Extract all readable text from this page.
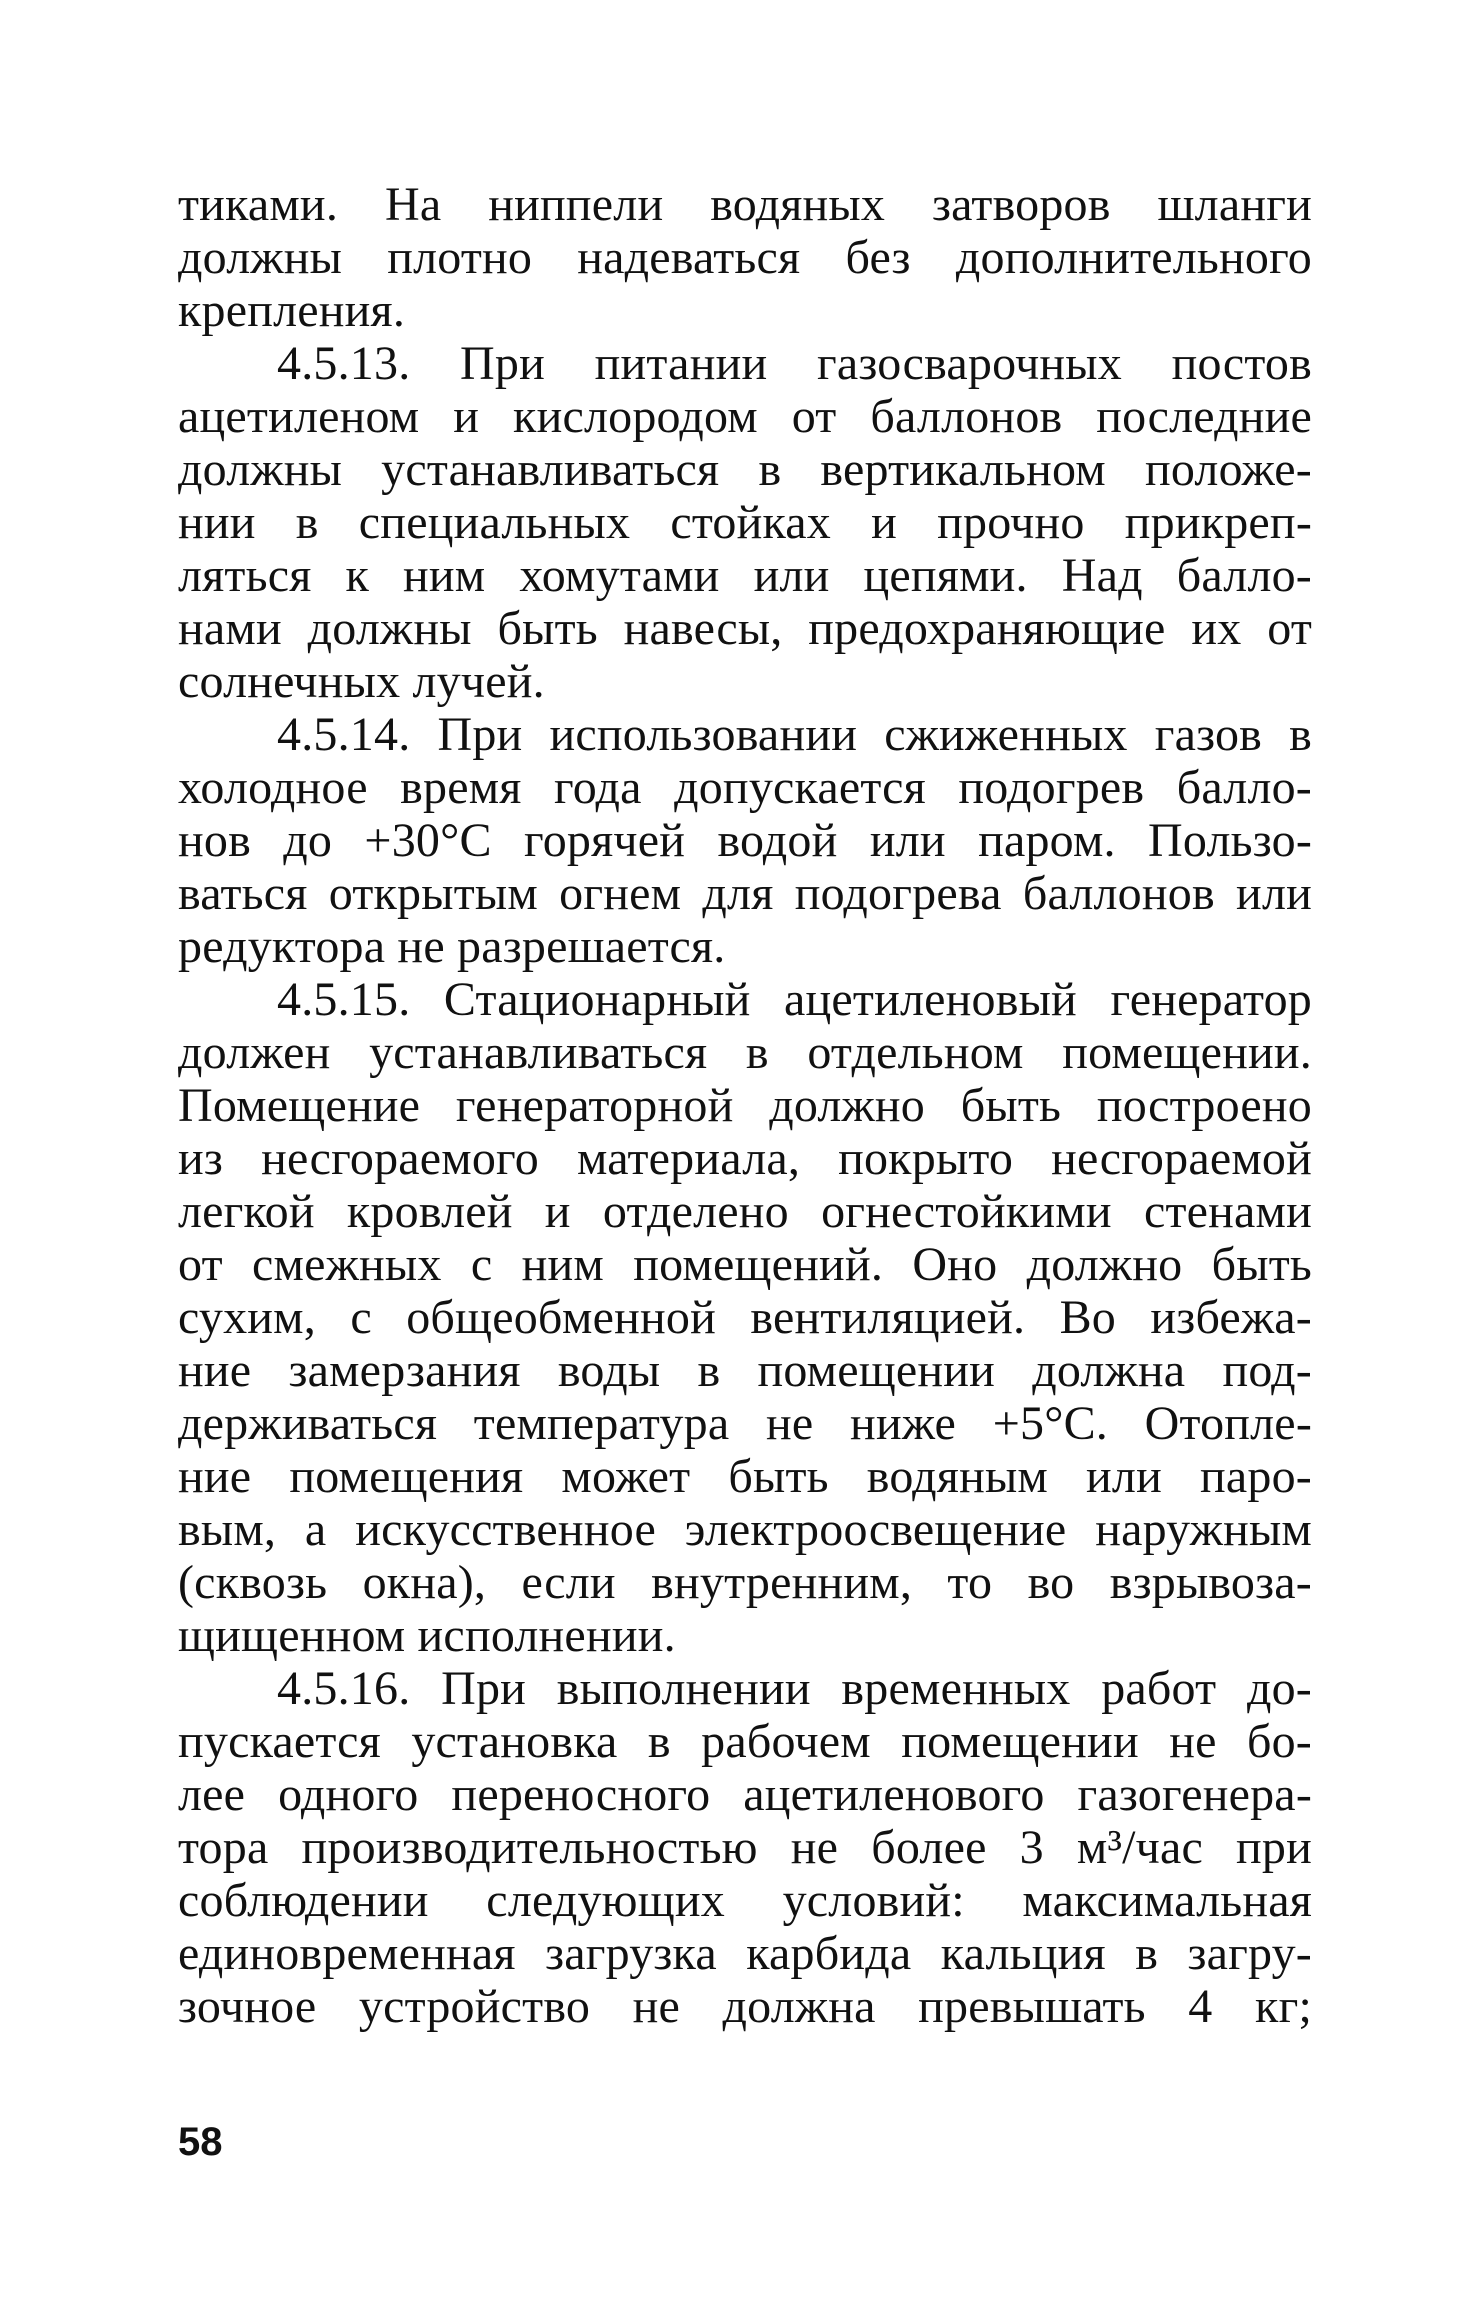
тиками. На ниппели водяных затворов шланги
должны плотно надеваться без дополнительного
крепления.
4.5.13. При питании газосварочных постов
ацетиленом и кислородом от баллонов последние
должны устанавливаться в вертикальном положе-
нии в специальных стойках и прочно прикреп-
ляться к ним хомутами или цепями. Над балло-
нами должны быть навесы, предохраняющие их от
солнечных лучей.
4.5.14. При использовании сжиженных газов в
холодное время года допускается подогрев балло-
нов до +30°С горячей водой или паром. Пользо-
ваться открытым огнем для подогрева баллонов или
редуктора не разрешается.
4.5.15. Стационарный ацетиленовый генератор
должен устанавливаться в отдельном помещении.
Помещение генераторной должно быть построено
из несгораемого материала, покрыто несгораемой
легкой кровлей и отделено огнестойкими стенами
от смежных с ним помещений. Оно должно быть
сухим, с общеобменной вентиляцией. Во избежа-
ние замерзания воды в помещении должна под-
держиваться температура не ниже +5°С. Отопле-
ние помещения может быть водяным или паро-
вым, а искусственное электроосвещение наружным
(сквозь окна), если внутренним, то во взрывоза-
щищенном исполнении.
4.5.16. При выполнении временных работ до-
пускается установка в рабочем помещении не бо-
лее одного переносного ацетиленового газогенера-
тора производительностью не более 3 м³/час при
соблюдении следующих условий: максимальная
единовременная загрузка карбида кальция в загру-
зочное устройство не должна превышать 4 кг;
58
